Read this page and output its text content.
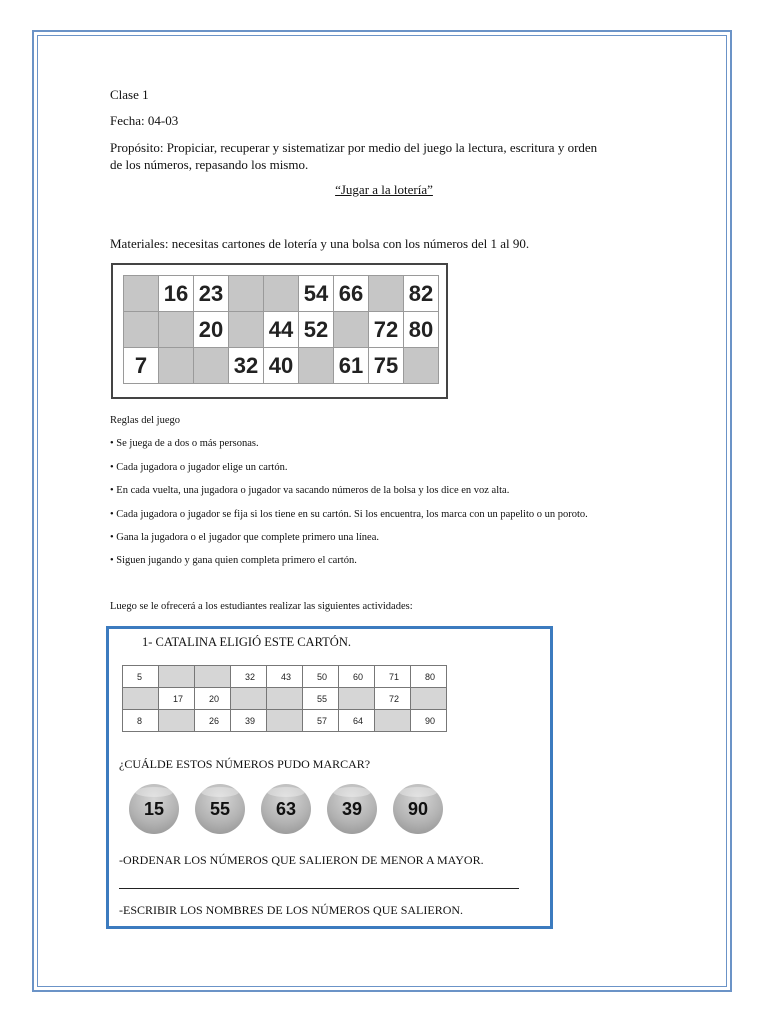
Clase 1
Fecha: 04-03
Propósito: Propiciar, recuperar y sistematizar por medio del juego la lectura, escritura y orden
de los números, repasando los mismo.
“Jugar a la lotería”
Materiales: necesitas cartones de lotería y una bolsa con los números del 1 al 90.
Reglas del juego
• Se juega de a dos o más personas.
• Cada jugadora o jugador elige un cartón.
• En cada vuelta, una jugadora o jugador va sacando números de la bolsa y los dice en voz alta.
• Cada jugadora o jugador se fija si los tiene en su cartón. Si los encuentra, los marca con un papelito o un poroto.
• Gana la jugadora o el jugador que complete primero una línea.
• Siguen jugando y gana quien completa primero el cartón.
Luego se le ofrecerá a los estudiantes realizar las siguientes actividades:
	16	23			54	66		82
		20		44	52		72	80
7			32	40		61	75	
1- CATALINA ELIGIÓ ESTE CARTÓN.
5			32	43	50	60	71	80
	17	20			55		72	
8		26	39		57	64		90
¿CUÁLDE ESTOS NÚMEROS PUDO MARCAR?
15	55	63	39	90
-ORDENAR LOS NÚMEROS QUE SALIERON DE MENOR A MAYOR.
-ESCRIBIR LOS NOMBRES DE LOS NÚMEROS QUE SALIERON.
